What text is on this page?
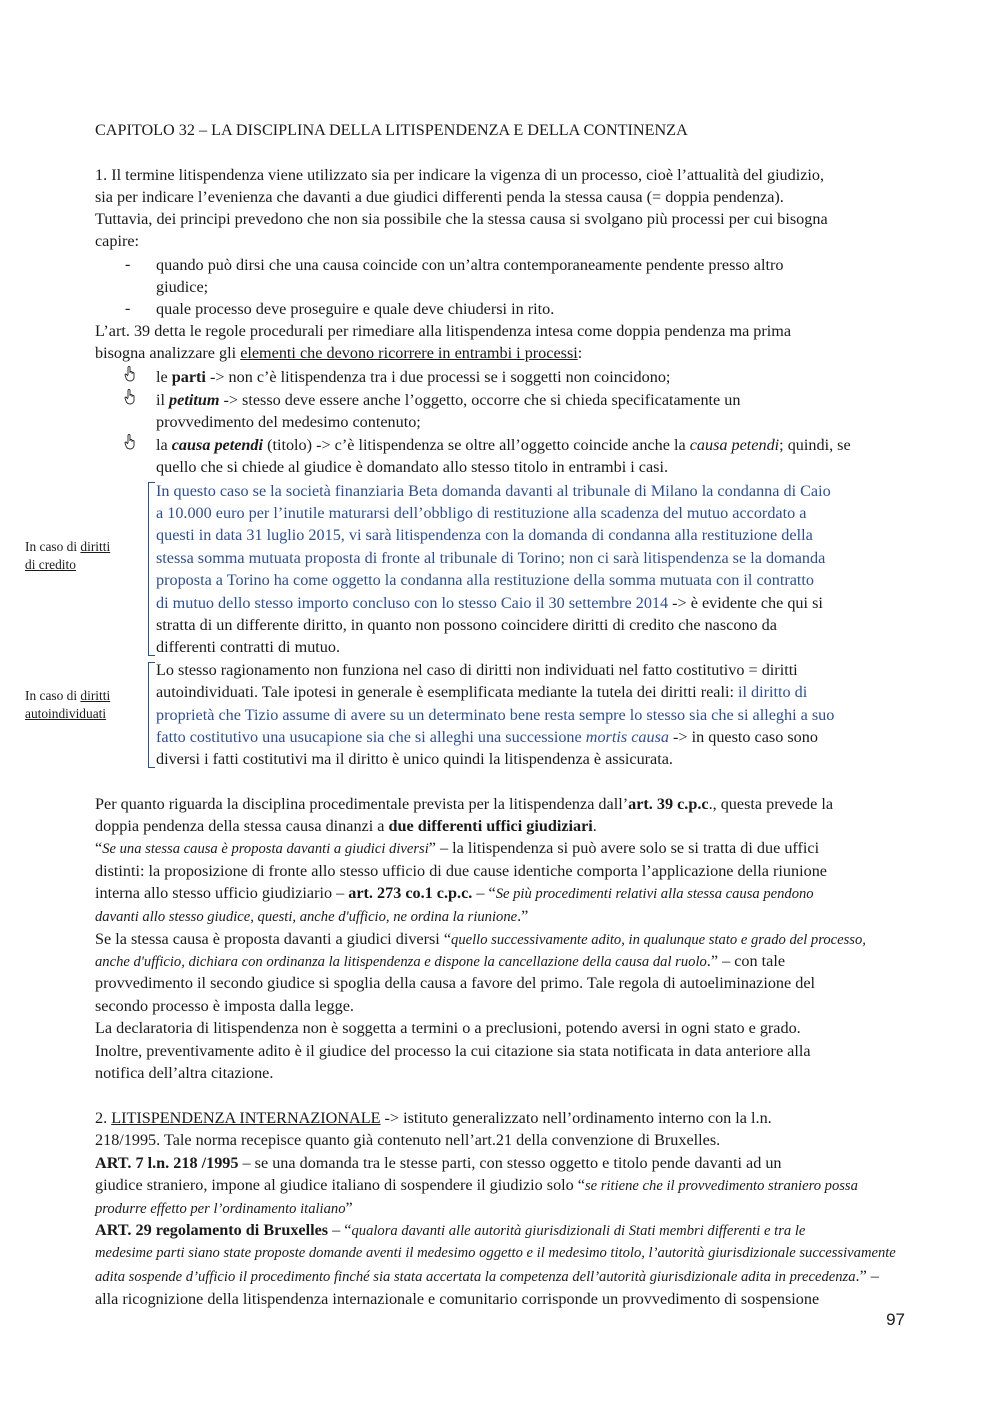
CAPITOLO 32 – LA DISCIPLINA DELLA LITISPENDENZA E DELLA CONTINENZA
1. Il termine litispendenza viene utilizzato sia per indicare la vigenza di un processo, cioè l’attualità del giudizio,
sia per indicare l’evenienza che davanti a due giudici differenti penda la stessa causa (= doppia pendenza).
Tuttavia, dei principi prevedono che non sia possibile che la stessa causa si svolgano più processi per cui bisogna
capire:
- quando può dirsi che una causa coincide con un’altra contemporaneamente pendente presso altro
giudice;
- quale processo deve proseguire e quale deve chiudersi in rito.
L’art. 39 detta le regole procedurali per rimediare alla litispendenza intesa come doppia pendenza ma prima
bisogna analizzare gli elementi che devono ricorrere in entrambi i processi:
le parti -> non c’è litispendenza tra i due processi se i soggetti non coincidono;
il petitum -> stesso deve essere anche l’oggetto, occorre che si chieda specificatamente un
provvedimento del medesimo contenuto;
la causa petendi (titolo) -> c’è litispendenza se oltre all’oggetto coincide anche la causa petendi; quindi, se
quello che si chiede al giudice è domandato allo stesso titolo in entrambi i casi.
In questo caso se la società finanziaria Beta domanda davanti al tribunale di Milano la condanna di Caio
a 10.000 euro per l’inutile maturarsi dell’obbligo di restituzione alla scadenza del mutuo accordato a
questi in data 31 luglio 2015, vi sarà litispendenza con la domanda di condanna alla restituzione della
stessa somma mutuata proposta di fronte al tribunale di Torino; non ci sarà litispendenza se la domanda
proposta a Torino ha come oggetto la condanna alla restituzione della somma mutuata con il contratto
di mutuo dello stesso importo concluso con lo stesso Caio il 30 settembre 2014 -> è evidente che qui si
stratta di un differente diritto, in quanto non possono coincidere diritti di credito che nascono da
differenti contratti di mutuo.
In caso di diritti
di credito
Lo stesso ragionamento non funziona nel caso di diritti non individuati nel fatto costitutivo = diritti
autoindividuati. Tale ipotesi in generale è esemplificata mediante la tutela dei diritti reali: il diritto di
proprietà che Tizio assume di avere su un determinato bene resta sempre lo stesso sia che si alleghi a suo
fatto costitutivo una usucapione sia che si alleghi una successione mortis causa -> in questo caso sono
diversi i fatti costitutivi ma il diritto è unico quindi la litispendenza è assicurata.
In caso di diritti
autoindividuati
Per quanto riguarda la disciplina procedimentale prevista per la litispendenza dall’art. 39 c.p.c., questa prevede la
doppia pendenza della stessa causa dinanzi a due differenti uffici giudiziari.
“Se una stessa causa è proposta davanti a giudici diversi” – la litispendenza si può avere solo se si tratta di due uffici
distinti: la proposizione di fronte allo stesso ufficio di due cause identiche comporta l’applicazione della riunione
interna allo stesso ufficio giudiziario – art. 273 co.1 c.p.c. – “Se più procedimenti relativi alla stessa causa pendono
davanti allo stesso giudice, questi, anche d'ufficio, ne ordina la riunione.”
Se la stessa causa è proposta davanti a giudici diversi “quello successivamente adito, in qualunque stato e grado del processo,
anche d'ufficio, dichiara con ordinanza la litispendenza e dispone la cancellazione della causa dal ruolo.” – con tale
provvedimento il secondo giudice si spoglia della causa a favore del primo. Tale regola di autoeliminazione del
secondo processo è imposta dalla legge.
La declaratoria di litispendenza non è soggetta a termini o a preclusioni, potendo aversi in ogni stato e grado.
Inoltre, preventivamente adito è il giudice del processo la cui citazione sia stata notificata in data anteriore alla
notifica dell’altra citazione.
2. LITISPENDENZA INTERNAZIONALE -> istituto generalizzato nell’ordinamento interno con la l.n.
218/1995. Tale norma recepisce quanto già contenuto nell’art.21 della convenzione di Bruxelles.
ART. 7 l.n. 218 /1995 – se una domanda tra le stesse parti, con stesso oggetto e titolo pende davanti ad un
giudice straniero, impone al giudice italiano di sospendere il giudizio solo “se ritiene che il provvedimento straniero possa
produrre effetto per l’ordinamento italiano”
ART. 29 regolamento di Bruxelles – “qualora davanti alle autorità giurisdizionali di Stati membri differenti e tra le
medesime parti siano state proposte domande aventi il medesimo oggetto e il medesimo titolo, l’autorità giurisdizionale successivamente
adita sospende d’ufficio il procedimento finché sia stata accertata la competenza dell’autorità giurisdizionale adita in precedenza.” –
alla ricognizione della litispendenza internazionale e comunitario corrisponde un provvedimento di sospensione
97
